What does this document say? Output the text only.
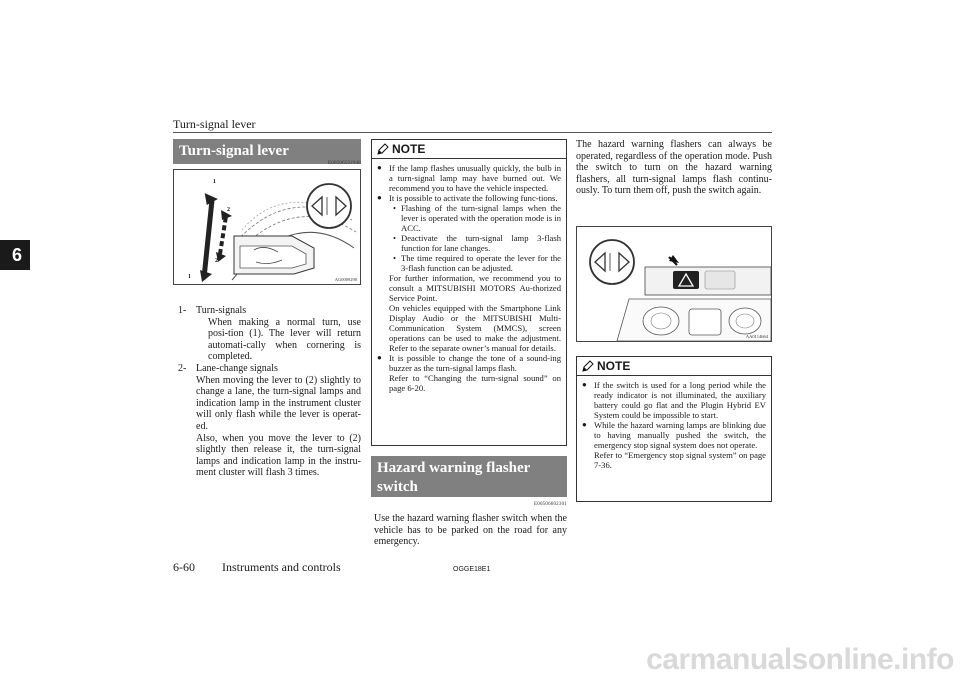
Turn-signal lever
6
Turn-signal lever
E00506502948
1
2
2
1	AG0009298
1- Turn-signals

When making a normal turn, use posi-tion (1). The lever will return automati-cally when cornering is completed.

2- Lane-change signals

When moving the lever to (2) slightly to change a lane, the turn-signal lamps and indication lamp in the instrument cluster will only flash while the lever is operat-ed.

Also, when you move the lever to (2) slightly then release it, the turn-signal lamps and indication lamp in the instru-ment cluster will flash 3 times.

NOTE
● If the lamp flashes unusually quickly, the bulb in a turn-signal lamp may have burned out. We recommend you to have the vehicle inspected.

● It is possible to activate the following func-tions.

• Flashing of the turn-signal lamps when the lever is operated with the operation mode is in ACC.
• Deactivate the turn-signal lamp 3-flash function for lane changes.
• The time required to operate the lever for the 3-flash function can be adjusted.

For further information, we recommend you to consult a MITSUBISHI MOTORS Au-thorized Service Point.

On vehicles equipped with the Smartphone Link Display Audio or the MITSUBISHI Multi-Communication System (MMCS), screen operations can be used to make the adjustment. Refer to the separate owner’s manual for details.

● It is possible to change the tone of a sound-ing buzzer as the turn-signal lamps flash.

Refer to “Changing the turn-signal sound” on page 6-20.

Hazard warning flasher switch
E00506602301
Use the hazard warning flasher switch when the vehicle has to be parked on the road for any emergency.
The hazard warning flashers can always be operated, regardless of the operation mode. Push the switch to turn on the hazard warning flashers, all turn-signal lamps flash continu-ously. To turn them off, push the switch again.
AA0114664
NOTE
● If the switch is used for a long period while the ready indicator is not illuminated, the auxiliary battery could go flat and the Plugin Hybrid EV System could be impossible to start.

● While the hazard warning lamps are blinking due to having manually pushed the switch, the emergency stop signal system does not operate.

Refer to “Emergency stop signal system” on page 7-36.

6-60 Instruments and controls	OGGE18E1
carmanualsonline.info
